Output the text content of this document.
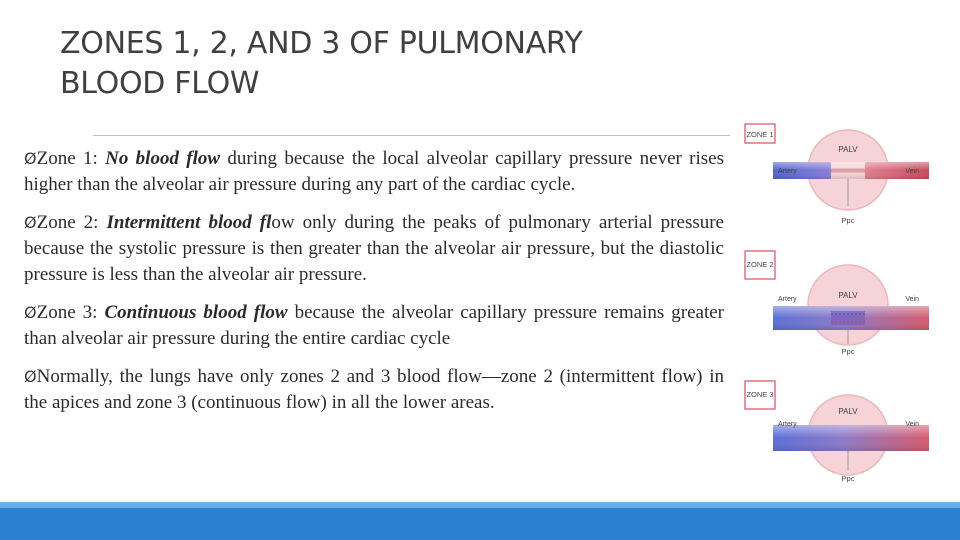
ZONES 1, 2, AND 3 OF PULMONARY
BLOOD FLOW
ØZone 1: No blood flow during because the local alveolar capillary pressure never rises higher than the alveolar air pressure during any part of the cardiac cycle.
ØZone 2: Intermittent blood flow only during the peaks of pulmonary arterial pressure because the systolic pressure is then greater than the alveolar air pressure, but the diastolic pressure is less than the alveolar air pressure.
ØZone 3: Continuous blood flow because the alveolar capillary pressure remains greater than alveolar air pressure during the entire cardiac cycle
ØNormally, the lungs have only zones 2 and 3 blood flow—zone 2 (intermittent flow) in the apices and zone 3 (continuous flow) in all the lower areas.
ZONE 1
Artery
PALV
Vein
Ppc
ZONE 2
Artery	PALV	Vein
Ppc
ZONE 3
Artery
PALV
Vein
Ppc
